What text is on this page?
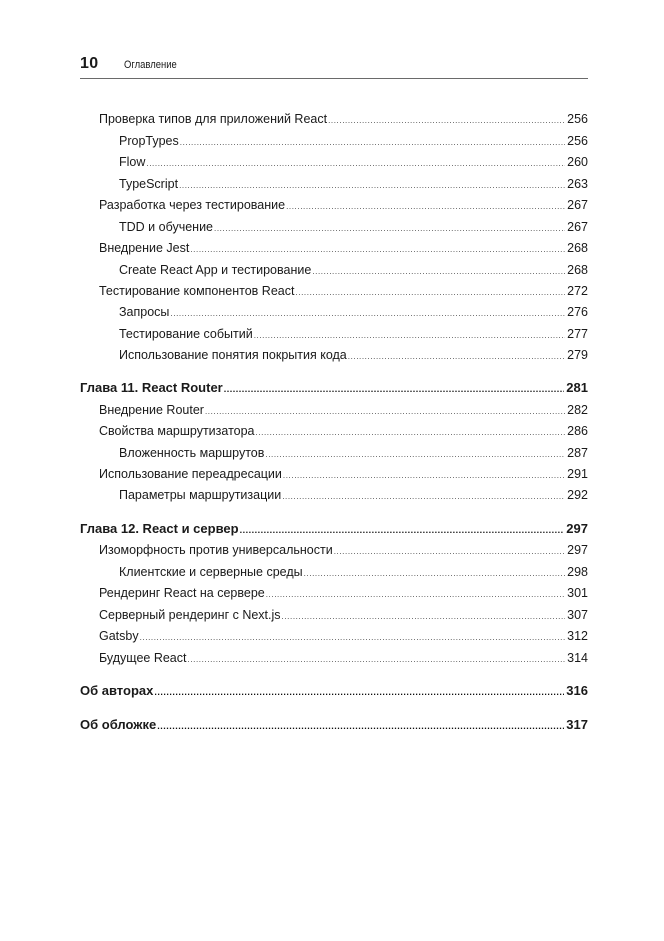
10 Оглавление
Проверка типов для приложений React .....	256
PropTypes .....	256
Flow .....	260
TypeScript .....	263
Разработка через тестирование .....	267
TDD и обучение .....	267
Внедрение Jest .....	268
Create React App и тестирование .....	268
Тестирование компонентов React .....	272
Запросы .....	276
Тестирование событий .....	277
Использование понятия покрытия кода .....	279
Глава 11. React Router .....	281
Внедрение Router .....	282
Свойства маршрутизатора .....	286
Вложенность маршрутов .....	287
Использование переадресации .....	291
Параметры маршрутизации .....	292
Глава 12. React и сервер .....	297
Изоморфность против универсальности .....	297
Клиентские и серверные среды .....	298
Рендеринг React на сервере .....	301
Серверный рендеринг с Next.js .....	307
Gatsby .....	312
Будущее React .....	314
Об авторах .....	316
Об обложке .....	317
